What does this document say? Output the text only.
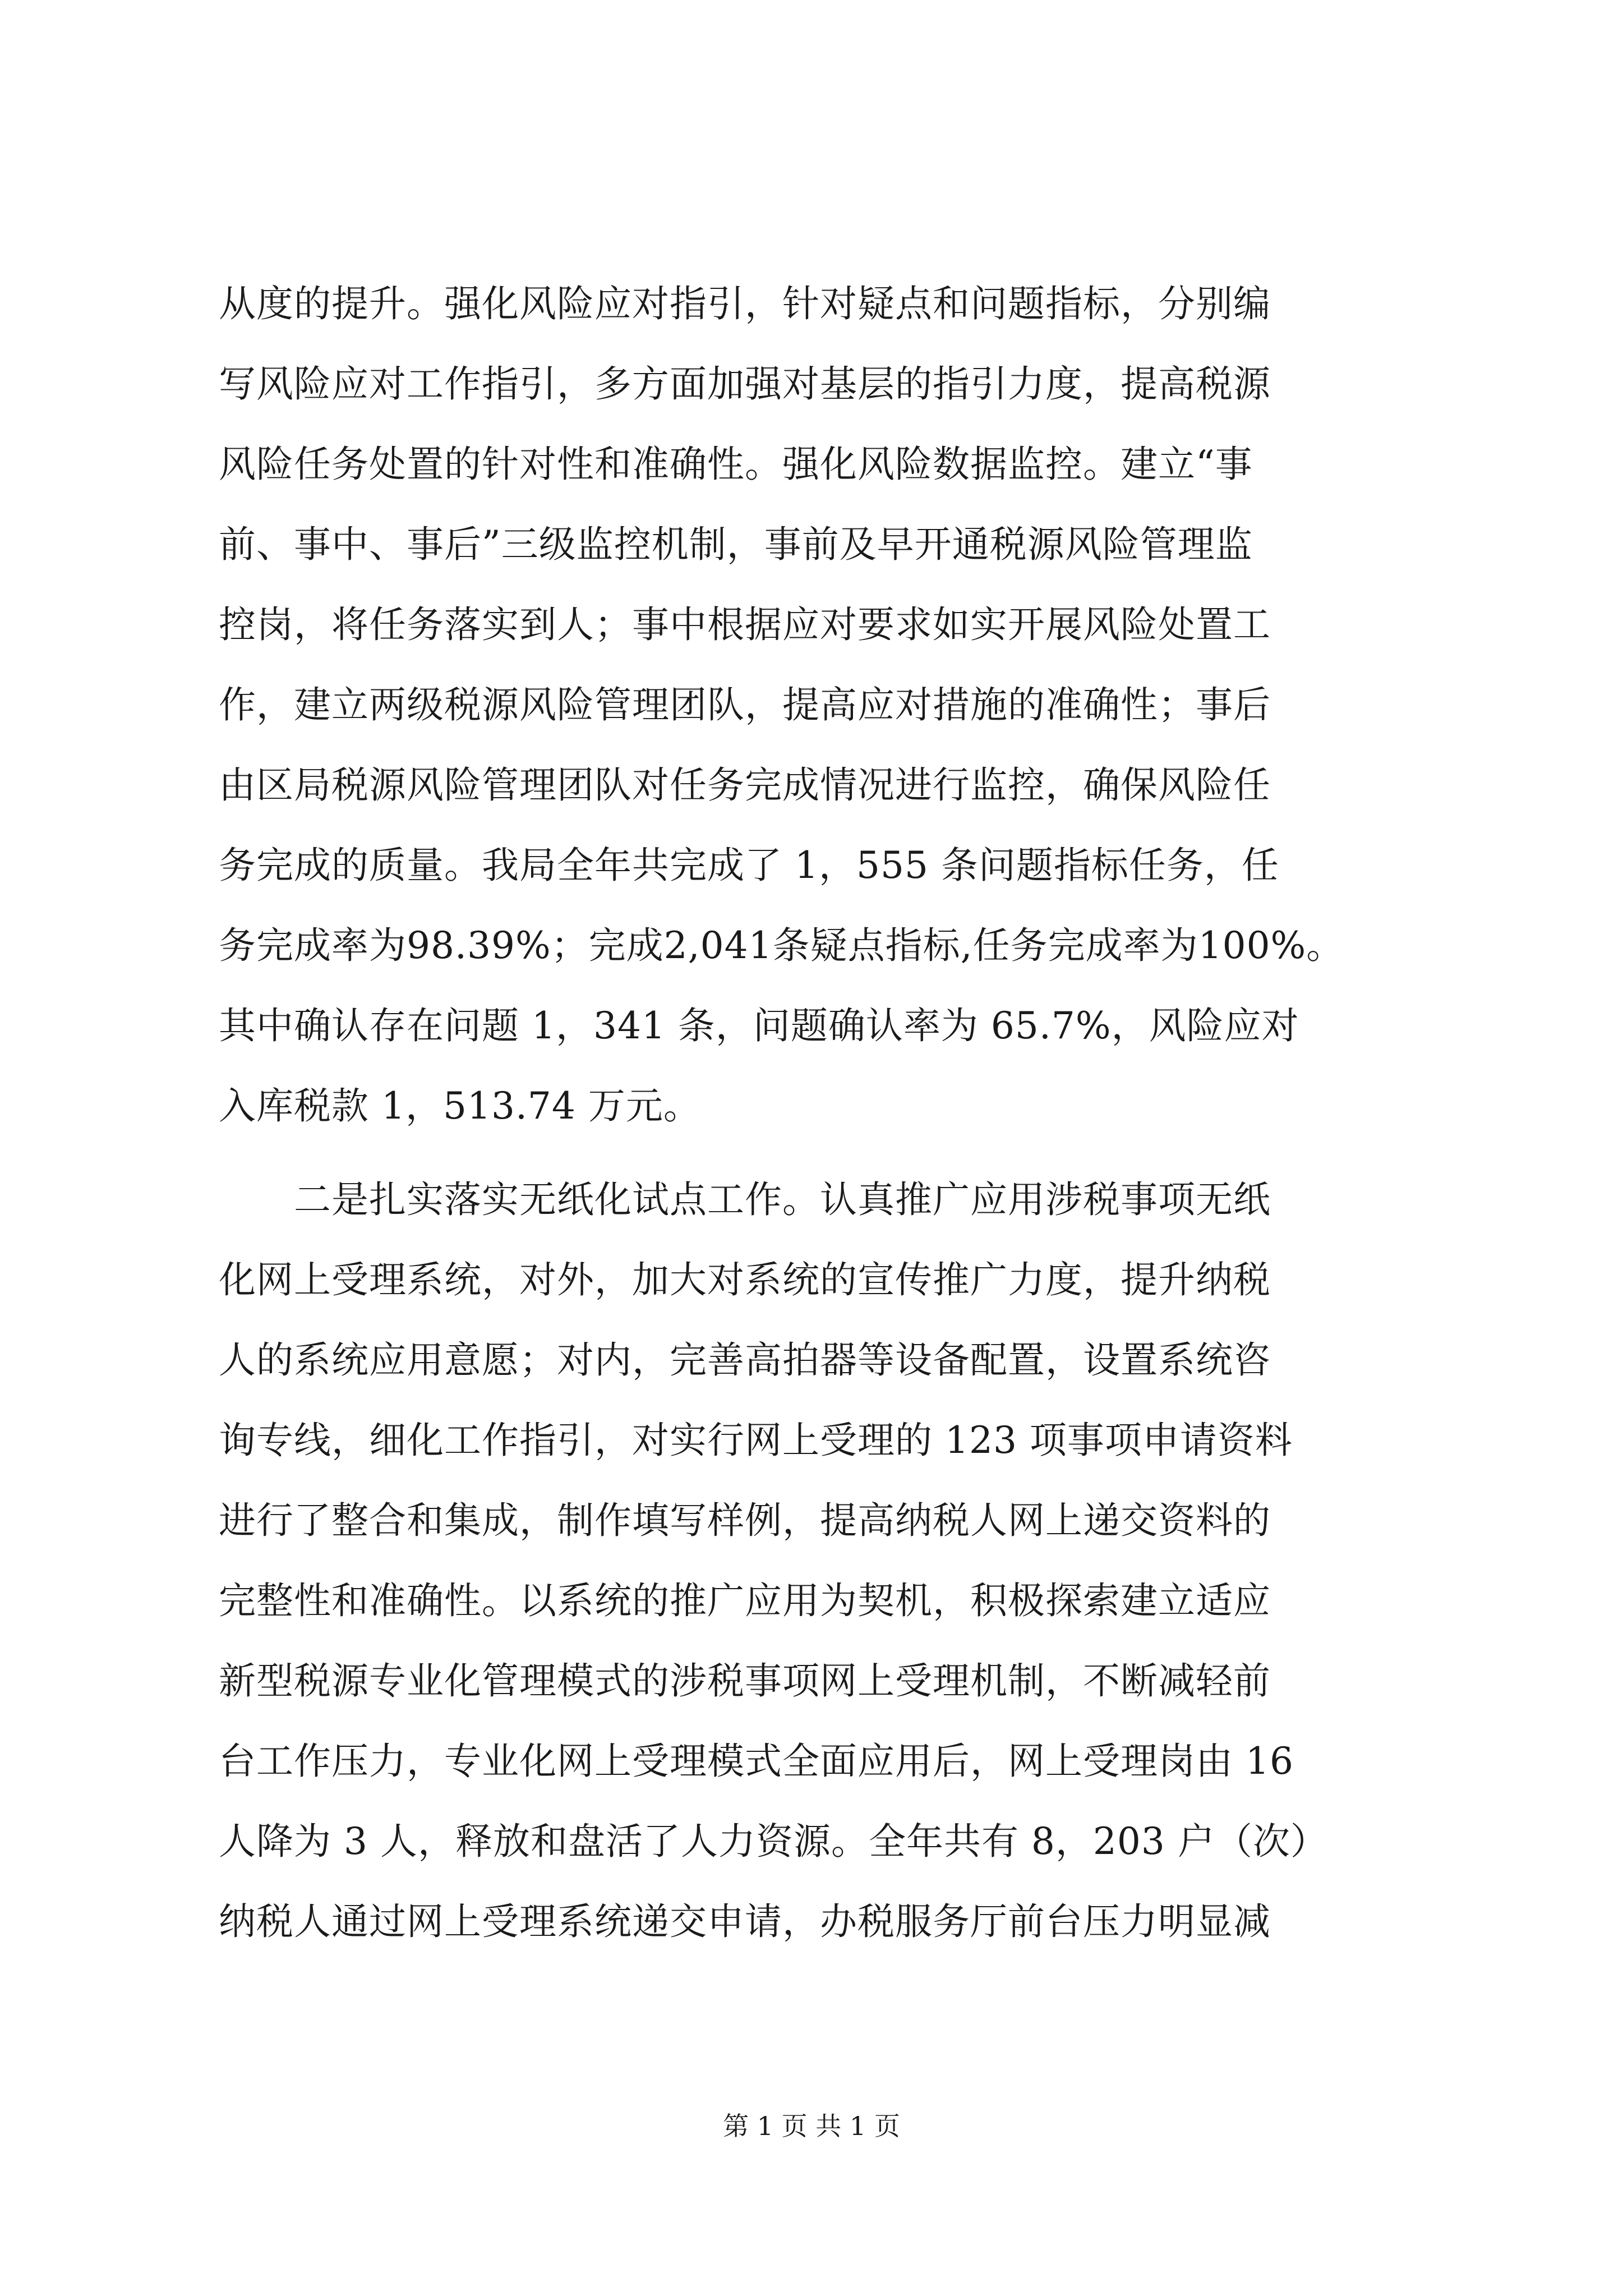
从度的提升。强化风险应对指引，针对疑点和问题指标，分别编
写风险应对工作指引，多方面加强对基层的指引力度，提高税源
风险任务处置的针对性和准确性。强化风险数据监控。建立“事
前、事中、事后”三级监控机制，事前及早开通税源风险管理监
控岗，将任务落实到人；事中根据应对要求如实开展风险处置工
作，建立两级税源风险管理团队，提高应对措施的准确性；事后
由区局税源风险管理团队对任务完成情况进行监控，确保风险任
务完成的质量。我局全年共完成了 1，555 条问题指标任务，任
务完成率为98.39%；完成2,041条疑点指标,任务完成率为100%。
其中确认存在问题 1，341 条，问题确认率为 65.7%，风险应对
入库税款 1，513.74 万元。
　　二是扎实落实无纸化试点工作。认真推广应用涉税事项无纸
化网上受理系统，对外，加大对系统的宣传推广力度，提升纳税
人的系统应用意愿；对内，完善高拍器等设备配置，设置系统咨
询专线，细化工作指引，对实行网上受理的 123 项事项申请资料
进行了整合和集成，制作填写样例，提高纳税人网上递交资料的
完整性和准确性。以系统的推广应用为契机，积极探索建立适应
新型税源专业化管理模式的涉税事项网上受理机制，不断减轻前
台工作压力，专业化网上受理模式全面应用后，网上受理岗由 16
人降为 3 人，释放和盘活了人力资源。全年共有 8，203 户（次）
纳税人通过网上受理系统递交申请，办税服务厅前台压力明显减
第 1 页 共 1 页
